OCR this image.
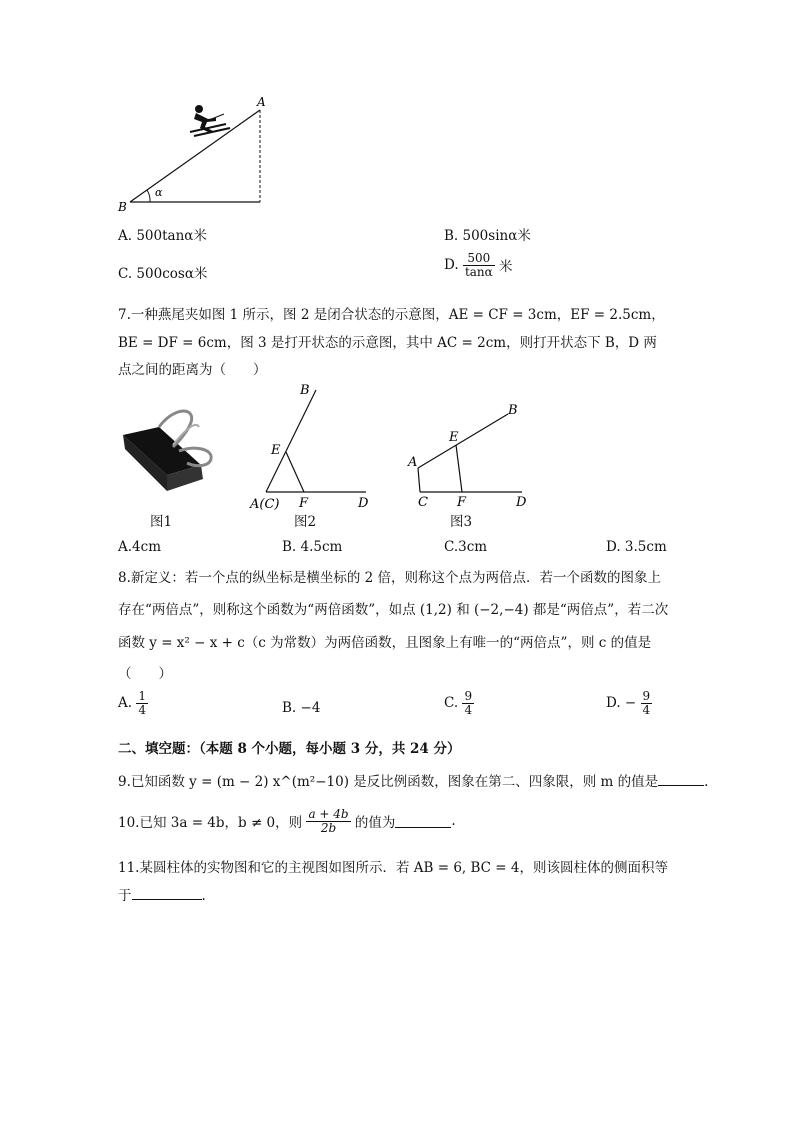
α
A
B
A. 500tanα米	B. 500sinα米
C. 500cosα米
D. $\frac{500}{\tan\alpha}$ 米
7.一种燕尾夹如图 1 所示，图 2 是闭合状态的示意图，AE = CF = 3cm，EF = 2.5cm，
BE = DF = 6cm，图 3 是打开状态的示意图，其中 AC = 2cm，则打开状态下 B，D 两
点之间的距离为（　　）
图1
B
E
A(C) F	D
图2
B
E
A
C F	D
图3
A.4cm	B. 4.5cm	C.3cm	D. 3.5cm
8.新定义：若一个点的纵坐标是横坐标的 2 倍，则称这个点为两倍点．若一个函数的图象上
存在“两倍点”，则称这个函数为“两倍函数”，如点 (1,2) 和 (−2,−4) 都是“两倍点”，若二次
函数 y = x² − x + c（c 为常数）为两倍函数，且图象上有唯一的“两倍点”，则 c 的值是
（　　）
A. $\frac{1}{4}$	B. −4	C. $\frac{9}{4}$	D. − $\frac{9}{4}$
二、填空题：（本题 8 个小题，每小题 3 分，共 24 分）
9.已知函数 y = (m − 2) x^(m²−10) 是反比例函数，图象在第二、四象限，则 m 的值是	.
10.已知 3a = 4b，b ≠ 0，则 $\frac{a + 4b}{2b}$ 的值为	.
11.某圆柱体的实物图和它的主视图如图所示．若 AB = 6, BC = 4，则该圆柱体的侧面积等
于	.
